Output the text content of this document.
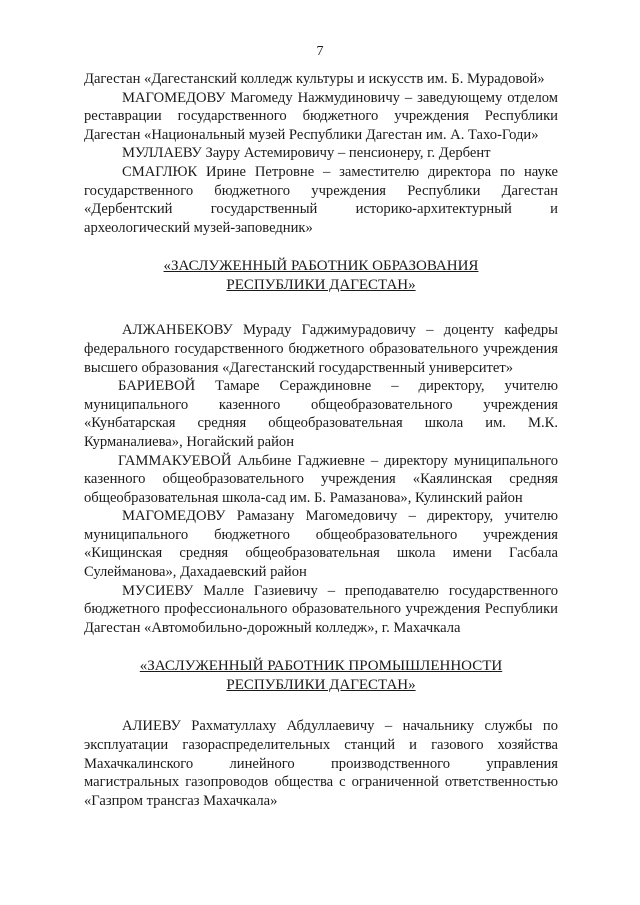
7

Дагестан «Дагестанский колледж культуры и искусств им. Б. Мурадовой»

МАГОМЕДОВУ Магомеду Нажмудиновичу – заведующему отделом реставрации государственного бюджетного учреждения Республики Дагестан «Национальный музей Республики Дагестан им. А. Тахо-Годи»

МУЛЛАЕВУ Зауру Астемировичу – пенсионеру, г. Дербент

СМАГЛЮК Ирине Петровне – заместителю директора по науке государственного бюджетного учреждения Республики Дагестан «Дербентский государственный историко-архитектурный и археологический музей-заповедник»

«ЗАСЛУЖЕННЫЙ РАБОТНИК ОБРАЗОВАНИЯ

РЕСПУБЛИКИ ДАГЕСТАН»

АЛЖАНБЕКОВУ Мураду Гаджимурадовичу – доценту кафедры федерального государственного бюджетного образовательного учреждения высшего образования «Дагестанский государственный университет»

БАРИЕВОЙ Тамаре Сераждиновне – директору, учителю муниципального казенного общеобразовательного учреждения «Кунбатарская средняя общеобразовательная школа им. М.К. Курманалиева», Ногайский район

ГАММАКУЕВОЙ Альбине Гаджиевне – директору муниципального казенного общеобразовательного учреждения «Каялинская средняя общеобразовательная школа-сад им. Б. Рамазанова», Кулинский район

МАГОМЕДОВУ Рамазану Магомедовичу – директору, учителю муниципального бюджетного общеобразовательного учреждения «Кищинская средняя общеобразовательная школа имени Гасбала Сулейманова», Дахадаевский район

МУСИЕВУ Малле Газиевичу – преподавателю государственного бюджетного профессионального образовательного учреждения Республики Дагестан «Автомобильно-дорожный колледж», г. Махачкала

«ЗАСЛУЖЕННЫЙ РАБОТНИК ПРОМЫШЛЕННОСТИ

РЕСПУБЛИКИ ДАГЕСТАН»

АЛИЕВУ Рахматуллаху Абдуллаевичу – начальнику службы по эксплуатации газораспределительных станций и газового хозяйства Махачкалинского линейного производственного управления магистральных газопроводов общества с ограниченной ответственностью «Газпром трансгаз Махачкала»
